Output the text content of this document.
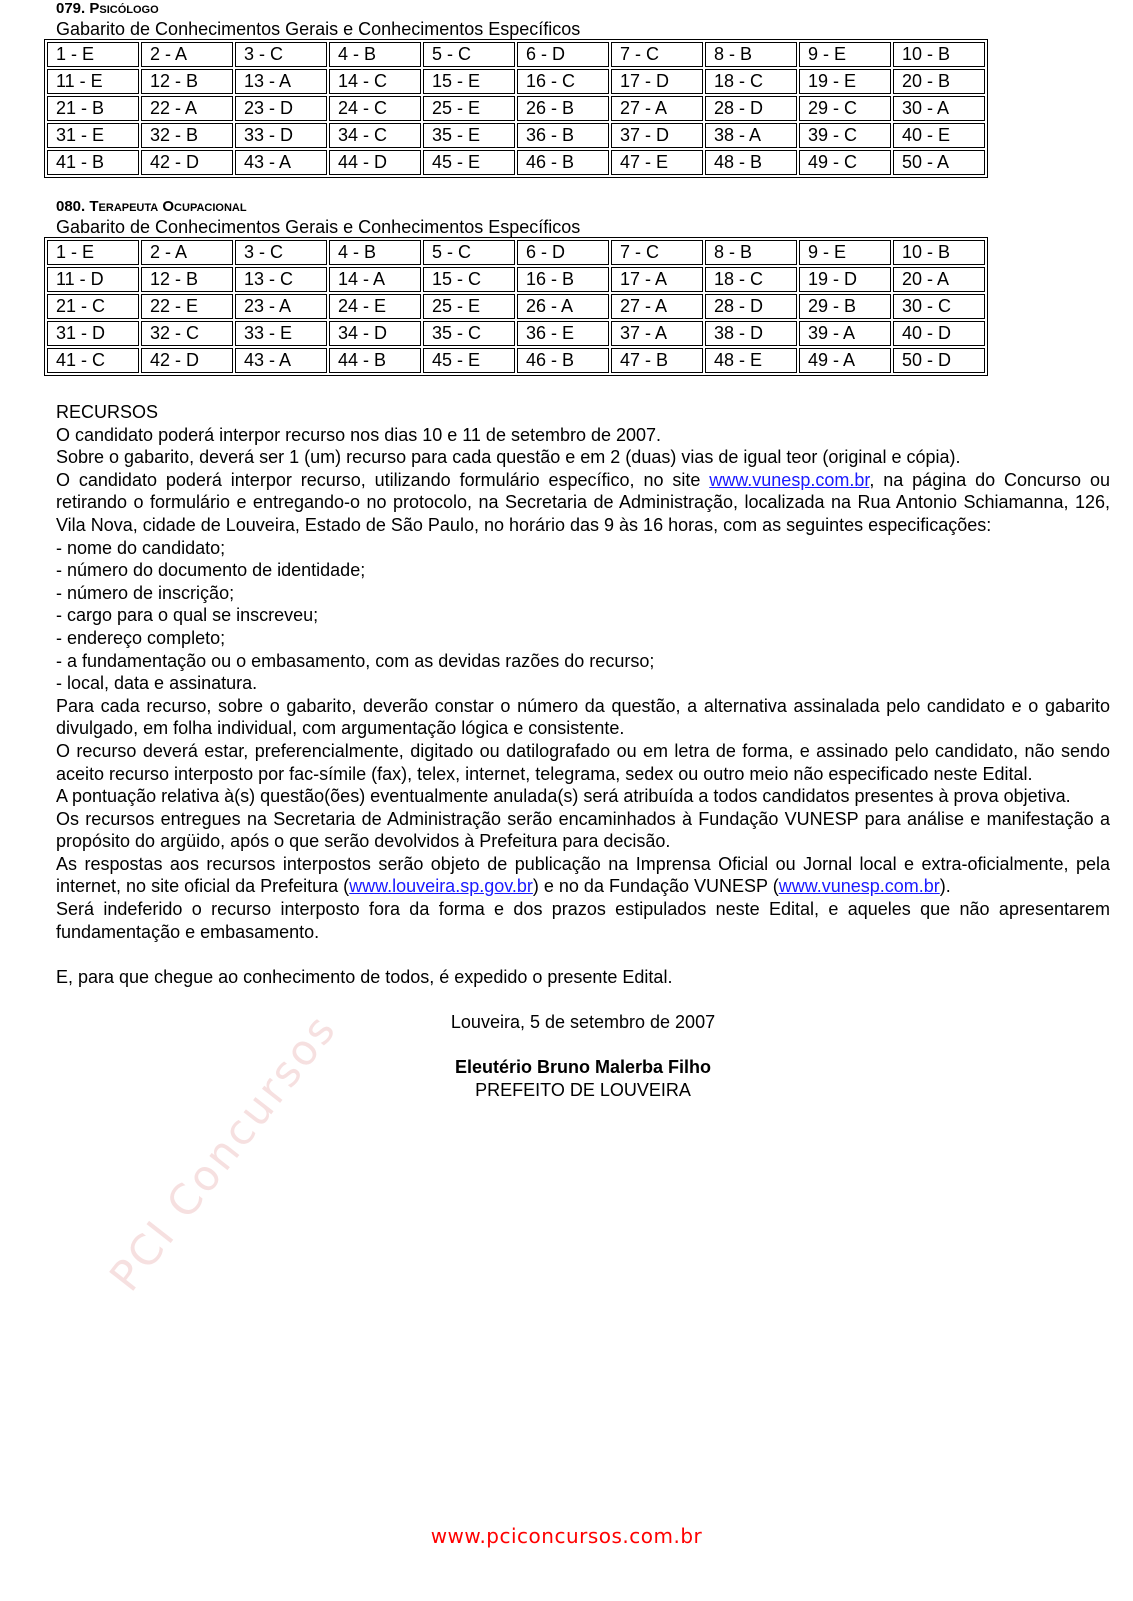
079. Psicólogo

Gabarito de Conhecimentos Gerais e Conhecimentos Específicos

1 - E	2 - A	3 - C	4 - B	5 - C	6 - D	7 - C	8 - B	9 - E	10 - B
11 - E	12 - B	13 - A	14 - C	15 - E	16 - C	17 - D	18 - C	19 - E	20 - B
21 - B	22 - A	23 - D	24 - C	25 - E	26 - B	27 - A	28 - D	29 - C	30 - A
31 - E	32 - B	33 - D	34 - C	35 - E	36 - B	37 - D	38 - A	39 - C	40 - E
41 - B	42 - D	43 - A	44 - D	45 - E	46 - B	47 - E	48 - B	49 - C	50 - A

080. Terapeuta Ocupacional

Gabarito de Conhecimentos Gerais e Conhecimentos Específicos

1 - E	2 - A	3 - C	4 - B	5 - C	6 - D	7 - C	8 - B	9 - E	10 - B
11 - D	12 - B	13 - C	14 - A	15 - C	16 - B	17 - A	18 - C	19 - D	20 - A
21 - C	22 - E	23 - A	24 - E	25 - E	26 - A	27 - A	28 - D	29 - B	30 - C
31 - D	32 - C	33 - E	34 - D	35 - C	36 - E	37 - A	38 - D	39 - A	40 - D
41 - C	42 - D	43 - A	44 - B	45 - E	46 - B	47 - B	48 - E	49 - A	50 - D

RECURSOS

O candidato poderá interpor recurso nos dias 10 e 11 de setembro de 2007.

Sobre o gabarito, deverá ser 1 (um) recurso para cada questão e em 2 (duas) vias de igual teor (original e cópia).

O candidato poderá interpor recurso, utilizando formulário específico, no site www.vunesp.com.br, na página do Concurso ou retirando o formulário e entregando-o no protocolo, na Secretaria de Administração, localizada na Rua Antonio Schiamanna, 126, Vila Nova, cidade de Louveira, Estado de São Paulo, no horário das 9 às 16 horas, com as seguintes especificações:

- nome do candidato;
- número do documento de identidade;
- número de inscrição;
- cargo para o qual se inscreveu;
- endereço completo;
- a fundamentação ou o embasamento, com as devidas razões do recurso;
- local, data e assinatura.

Para cada recurso, sobre o gabarito, deverão constar o número da questão, a alternativa assinalada pelo candidato e o gabarito divulgado, em folha individual, com argumentação lógica e consistente.

O recurso deverá estar, preferencialmente, digitado ou datilografado ou em letra de forma, e assinado pelo candidato, não sendo aceito recurso interposto por fac-símile (fax), telex, internet, telegrama, sedex ou outro meio não especificado neste Edital.

A pontuação relativa à(s) questão(ões) eventualmente anulada(s) será atribuída a todos candidatos presentes à prova objetiva.

Os recursos entregues na Secretaria de Administração serão encaminhados à Fundação VUNESP para análise e manifestação a propósito do argüido, após o que serão devolvidos à Prefeitura para decisão.

As respostas aos recursos interpostos serão objeto de publicação na Imprensa Oficial ou Jornal local e extra-oficialmente, pela internet, no site oficial da Prefeitura (www.louveira.sp.gov.br) e no da Fundação VUNESP (www.vunesp.com.br).

Será indeferido o recurso interposto fora da forma e dos prazos estipulados neste Edital, e aqueles que não apresentarem fundamentação e embasamento.

E, para que chegue ao conhecimento de todos, é expedido o presente Edital.

Louveira, 5 de setembro de 2007

Eleutério Bruno Malerba Filho
PREFEITO DE LOUVEIRA
PCI Concursos
www.pciconcursos.com.br
